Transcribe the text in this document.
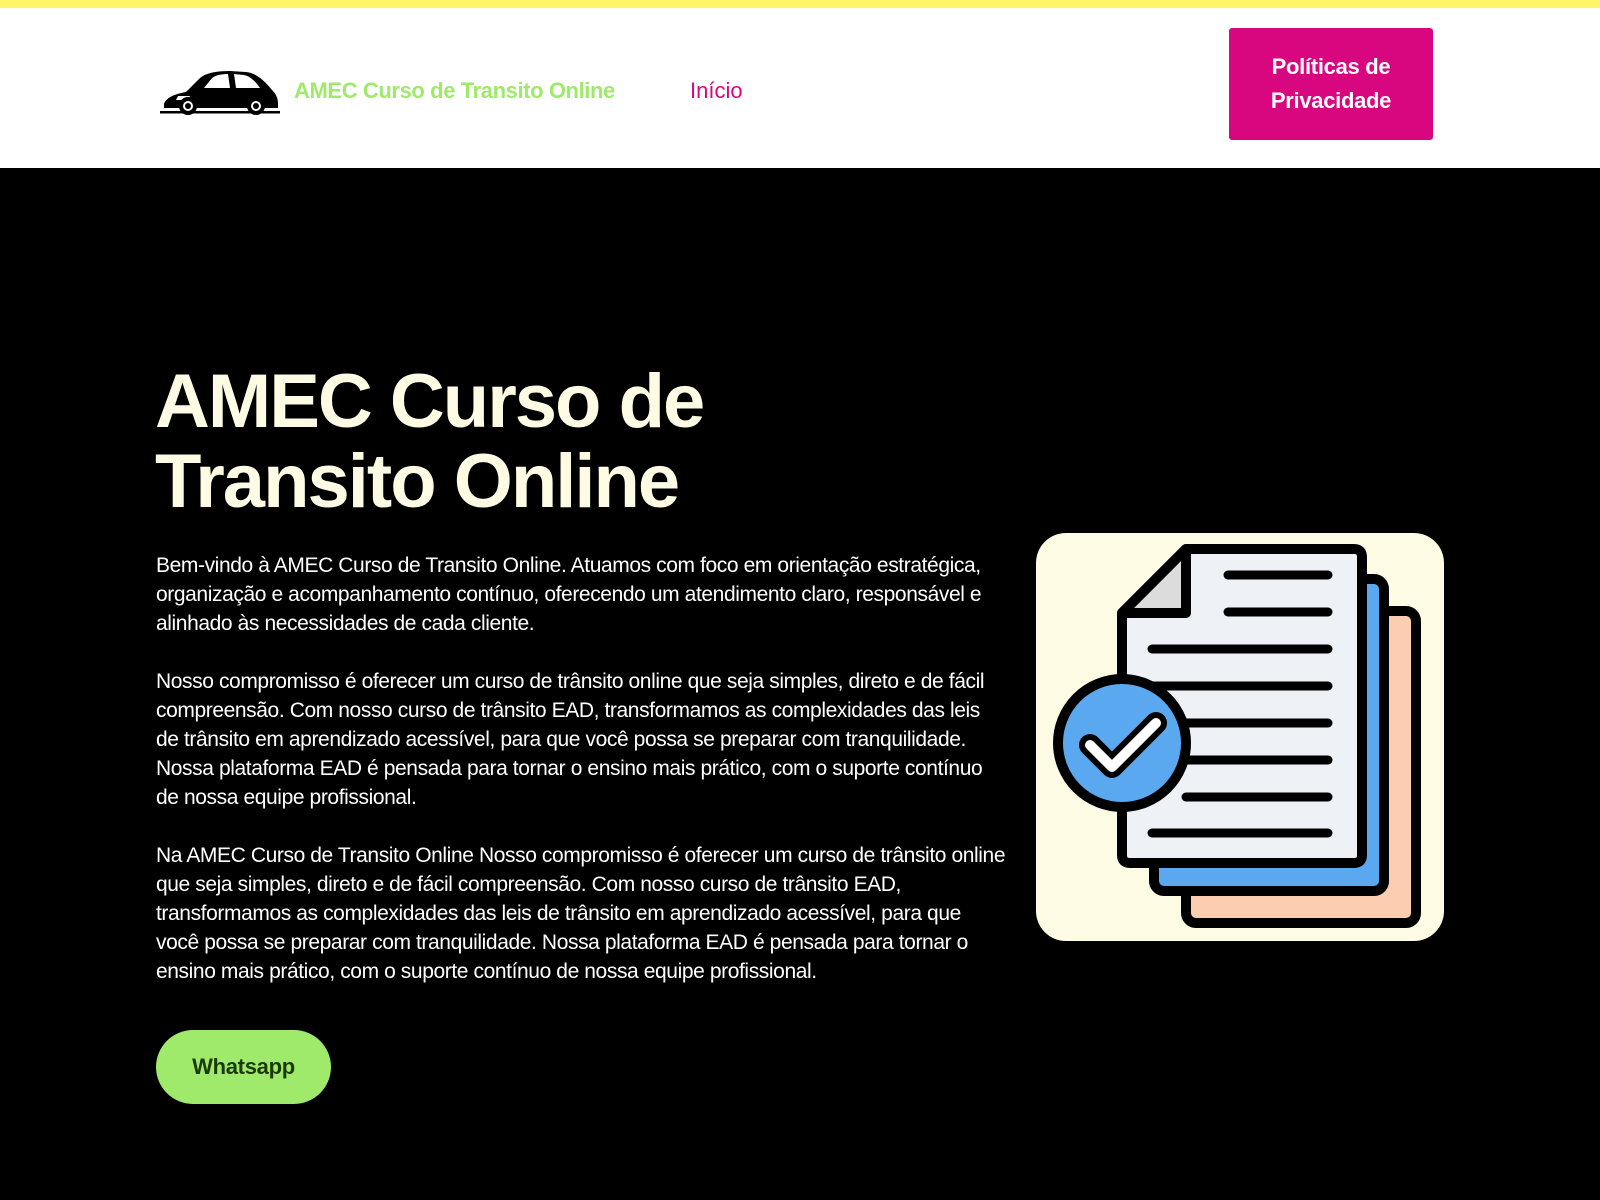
AMEC Curso de Transito Online	Início
Políticas de Privacidade
AMEC Curso de Transito Online

Bem-vindo à AMEC Curso de Transito Online. Atuamos com foco em orientação estratégica, organização e acompanhamento contínuo, oferecendo um atendimento claro, responsável e alinhado às necessidades de cada cliente.

Nosso compromisso é oferecer um curso de trânsito online que seja simples, direto e de fácil compreensão. Com nosso curso de trânsito EAD, transformamos as complexidades das leis de trânsito em aprendizado acessível, para que você possa se preparar com tranquilidade. Nossa plataforma EAD é pensada para tornar o ensino mais prático, com o suporte contínuo de nossa equipe profissional.

Na AMEC Curso de Transito Online Nosso compromisso é oferecer um curso de trânsito online que seja simples, direto e de fácil compreensão. Com nosso curso de trânsito EAD, transformamos as complexidades das leis de trânsito em aprendizado acessível, para que você possa se preparar com tranquilidade. Nossa plataforma EAD é pensada para tornar o ensino mais prático, com o suporte contínuo de nossa equipe profissional.

Whatsapp
